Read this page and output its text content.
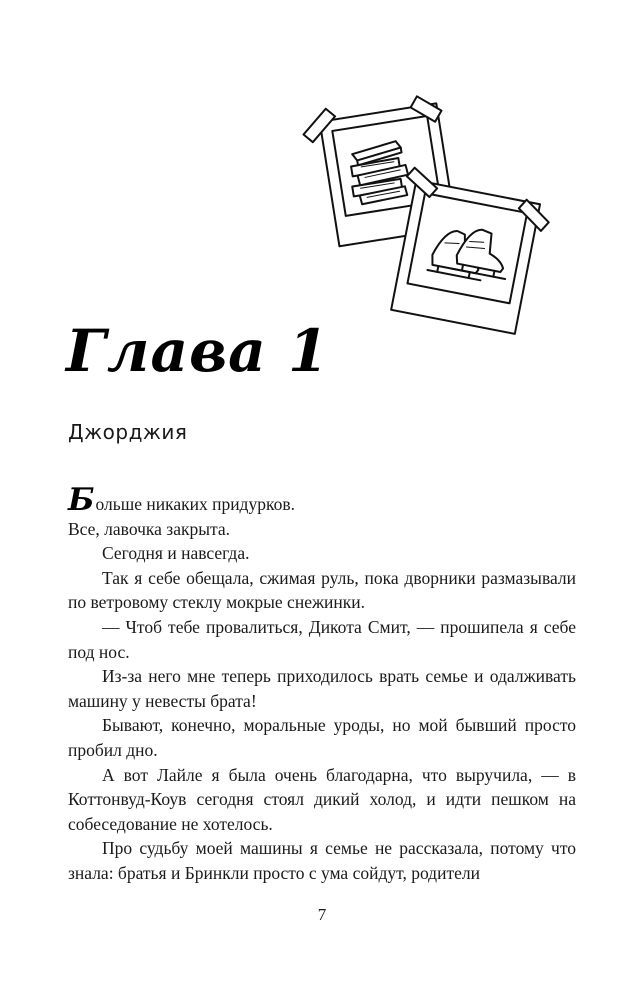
Глава 1
Джорджия

Больше никаких придурков.

Все, лавочка закрыта.

Сегодня и навсегда.

Так я себе обещала, сжимая руль, пока дворники размазывали по ветровому стеклу мокрые снежинки.

— Чтоб тебе провалиться, Дикота Смит, — прошипела я себе под нос.

Из-за него мне теперь приходилось врать семье и одалживать машину у невесты брата!

Бывают, конечно, моральные уроды, но мой бывший просто пробил дно.

А вот Лайле я была очень благодарна, что выручила, — в Коттонвуд-Коув сегодня стоял дикий холод, и идти пешком на собеседование не хотелось.

Про судьбу моей машины я семье не рассказала, потому что знала: братья и Бринкли просто с ума сойдут, родители

7
